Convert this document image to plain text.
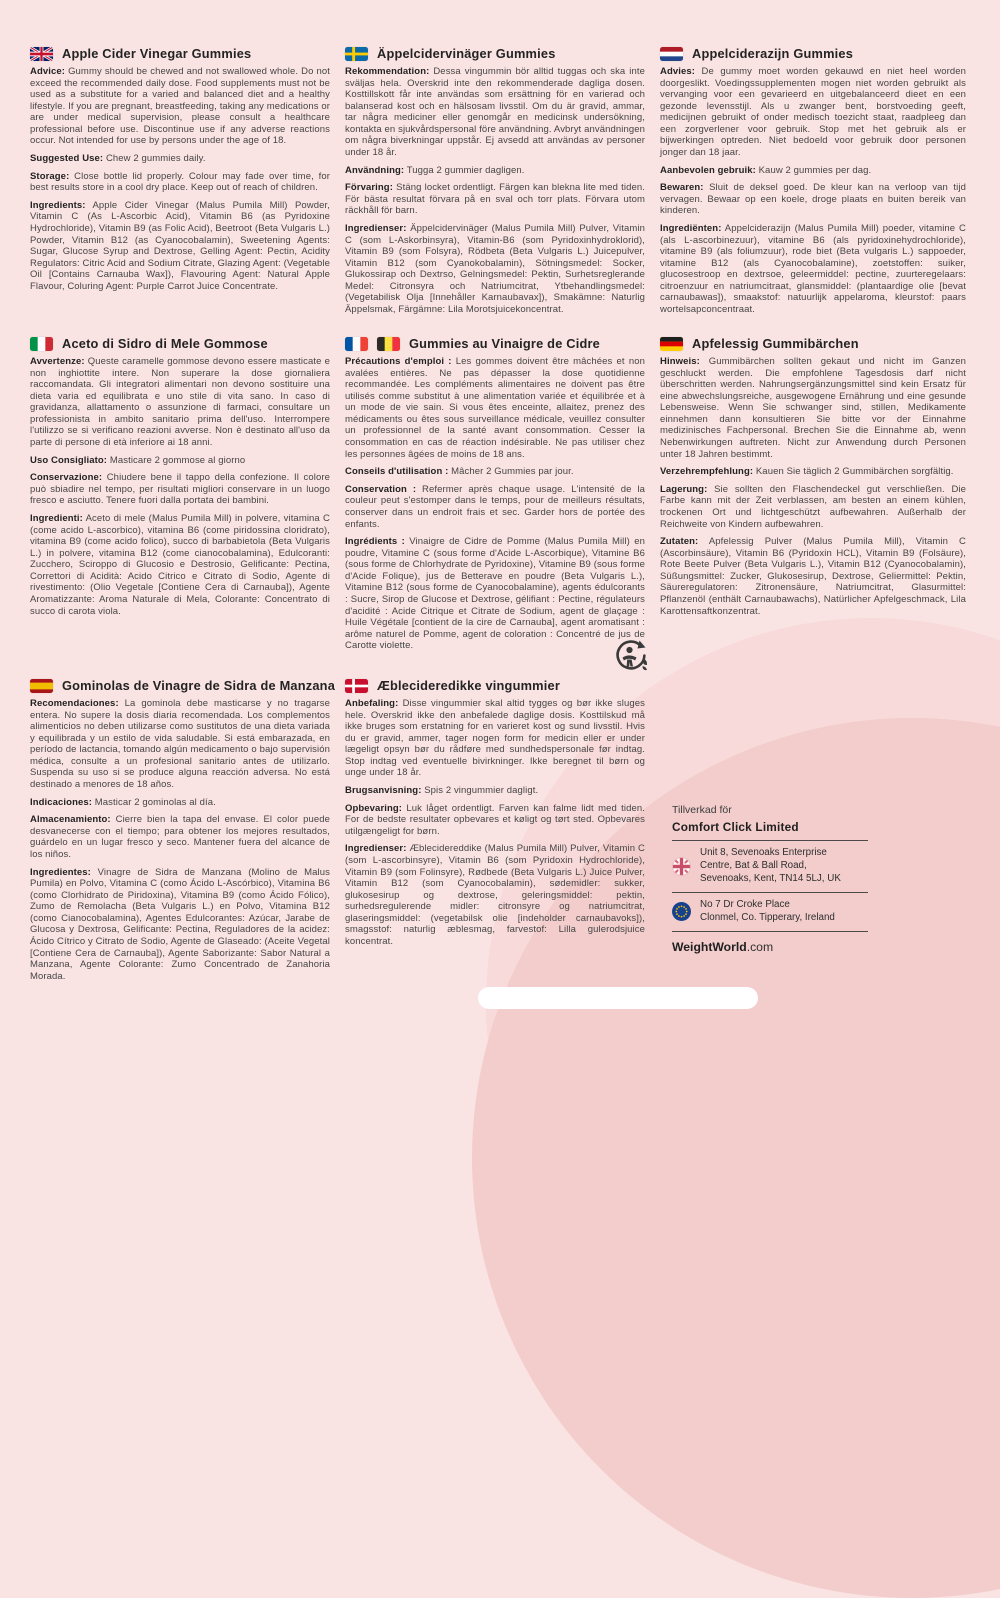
Apple Cider Vinegar Gummies

Advice: Gummy should be chewed and not swallowed whole. Do not exceed the recommended daily dose. Food supplements must not be used as a substitute for a varied and balanced diet and a healthy lifestyle. If you are pregnant, breastfeeding, taking any medications or are under medical supervision, please consult a healthcare professional before use. Discontinue use if any adverse reactions occur. Not intended for use by persons under the age of 18.

Suggested Use: Chew 2 gummies daily.

Storage: Close bottle lid properly. Colour may fade over time, for best results store in a cool dry place. Keep out of reach of children.

Ingredients: Apple Cider Vinegar (Malus Pumila Mill) Powder, Vitamin C (As L-Ascorbic Acid), Vitamin B6 (as Pyridoxine Hydrochloride), Vitamin B9 (as Folic Acid), Beetroot (Beta Vulgaris L.) Powder, Vitamin B12 (as Cyanocobalamin), Sweetening Agents: Sugar, Glucose Syrup and Dextrose, Gelling Agent: Pectin, Acidity Regulators: Citric Acid and Sodium Citrate, Glazing Agent: (Vegetable Oil [Contains Carnauba Wax]), Flavouring Agent: Natural Apple Flavour, Coluring Agent: Purple Carrot Juice Concentrate.

Äppelcidervinäger Gummies

Rekommendation: Dessa vingummin bör alltid tuggas och ska inte sväljas hela. Overskrid inte den rekommenderade dagliga dosen. Kosttillskott får inte användas som ersättning för en varierad och balanserad kost och en hälsosam livsstil. Om du är gravid, ammar, tar några mediciner eller genomgår en medicinsk undersökning, kontakta en sjukvårdspersonal före användning. Avbryt användningen om några biverkningar uppstår. Ej avsedd att användas av personer under 18 år.

Användning: Tugga 2 gummier dagligen.

Förvaring: Stäng locket ordentligt. Färgen kan blekna lite med tiden. För bästa resultat förvara på en sval och torr plats. Förvara utom räckhåll för barn.

Ingredienser: Äppelcidervinäger (Malus Pumila Mill) Pulver, Vitamin C (som L-Askorbinsyra), Vitamin-B6 (som Pyridoxinhydroklorid), Vitamin B9 (som Folsyra), Rödbeta (Beta Vulgaris L.) Juicepulver, Vitamin B12 (som Cyanokobalamin), Sötningsmedel: Socker, Glukossirap och Dextrso, Gelningsmedel: Pektin, Surhetsreglerande Medel: Citronsyra och Natriumcitrat, Ytbehandlingsmedel: (Vegetabilisk Olja [Innehåller Karnaubavax]), Smakämne: Naturlig Äppelsmak, Färgämne: Lila Morotsjuicekoncentrat.

Appelciderazijn Gummies

Advies: De gummy moet worden gekauwd en niet heel worden doorgeslikt. Voedingssupplementen mogen niet worden gebruikt als vervanging voor een gevarieerd en uitgebalanceerd dieet en een gezonde levensstijl. Als u zwanger bent, borstvoeding geeft, medicijnen gebruikt of onder medisch toezicht staat, raadpleeg dan een zorgverlener voor gebruik. Stop met het gebruik als er bijwerkingen optreden. Niet bedoeld voor gebruik door personen jonger dan 18 jaar.

Aanbevolen gebruik: Kauw 2 gummies per dag.

Bewaren: Sluit de deksel goed. De kleur kan na verloop van tijd vervagen. Bewaar op een koele, droge plaats en buiten bereik van kinderen.

Ingrediënten: Appelciderazijn (Malus Pumila Mill) poeder, vitamine C (als L-ascorbinezuur), vitamine B6 (als pyridoxinehydrochloride), vitamine B9 (als foliumzuur), rode biet (Beta vulgaris L.) sappoeder, vitamine B12 (als Cyanocobalamine), zoetstoffen: suiker, glucosestroop en dextrsoe, geleermiddel: pectine, zuurteregelaars: citroenzuur en natriumcitraat, glansmiddel: (plantaardige olie [bevat carnaubawas]), smaakstof: natuurlijk appelaroma, kleurstof: paars wortelsapconcentraat.

Aceto di Sidro di Mele Gommose

Avvertenze: Queste caramelle gommose devono essere masticate e non inghiottite intere. Non superare la dose giornaliera raccomandata. Gli integratori alimentari non devono sostituire una dieta varia ed equilibrata e uno stile di vita sano. In caso di gravidanza, allattamento o assunzione di farmaci, consultare un professionista in ambito sanitario prima dell'uso. Interrompere l'utilizzo se si verificano reazioni avverse. Non è destinato all'uso da parte di persone di età inferiore ai 18 anni.

Uso Consigliato: Masticare 2 gommose al giorno

Conservazione: Chiudere bene il tappo della confezione. Il colore può sbiadire nel tempo, per risultati migliori conservare in un luogo fresco e asciutto. Tenere fuori dalla portata dei bambini.

Ingredienti: Aceto di mele (Malus Pumila Mill) in polvere, vitamina C (come acido L-ascorbico), vitamina B6 (come piridossina cloridrato), vitamina B9 (come acido folico), succo di barbabietola (Beta Vulgaris L.) in polvere, vitamina B12 (come cianocobalamina), Edulcoranti: Zucchero, Sciroppo di Glucosio e Destrosio, Gelificante: Pectina, Correttori di Acidità: Acido Citrico e Citrato di Sodio, Agente di rivestimento: (Olio Vegetale [Contiene Cera di Carnauba]), Agente Aromatizzante: Aroma Naturale di Mela, Colorante: Concentrato di succo di carota viola.

Gummies au Vinaigre de Cidre

Précautions d'emploi : Les gommes doivent être mâchées et non avalées entières. Ne pas dépasser la dose quotidienne recommandée. Les compléments alimentaires ne doivent pas être utilisés comme substitut à une alimentation variée et équilibrée et à un mode de vie sain. Si vous êtes enceinte, allaitez, prenez des médicaments ou êtes sous surveillance médicale, veuillez consulter un professionnel de la santé avant consommation. Cesser la consommation en cas de réaction indésirable. Ne pas utiliser chez les personnes âgées de moins de 18 ans.

Conseils d'utilisation : Mâcher 2 Gummies par jour.

Conservation : Refermer après chaque usage. L'intensité de la couleur peut s'estomper dans le temps, pour de meilleurs résultats, conserver dans un endroit frais et sec. Garder hors de portée des enfants.

Ingrédients : Vinaigre de Cidre de Pomme (Malus Pumila Mill) en poudre, Vitamine C (sous forme d'Acide L-Ascorbique), Vitamine B6 (sous forme de Chlorhydrate de Pyridoxine), Vitamine B9 (sous forme d'Acide Folique), jus de Betterave en poudre (Beta Vulgaris L.), Vitamine B12 (sous forme de Cyanocobalamine), agents édulcorants : Sucre, Sirop de Glucose et Dextrose, gélifiant : Pectine, régulateurs d'acidité : Acide Citrique et Citrate de Sodium, agent de glaçage : Huile Végétale [contient de la cire de Carnauba], agent aromatisant : arôme naturel de Pomme, agent de coloration : Concentré de jus de Carotte violette.

Apfelessig Gummibärchen

Hinweis: Gummibärchen sollten gekaut und nicht im Ganzen geschluckt werden. Die empfohlene Tagesdosis darf nicht überschritten werden. Nahrungsergänzungsmittel sind kein Ersatz für eine abwechslungsreiche, ausgewogene Ernährung und eine gesunde Lebensweise. Wenn Sie schwanger sind, stillen, Medikamente einnehmen dann konsultieren Sie bitte vor der Einnahme medizinisches Fachpersonal. Brechen Sie die Einnahme ab, wenn Nebenwirkungen auftreten. Nicht zur Anwendung durch Personen unter 18 Jahren bestimmt.

Verzehrempfehlung: Kauen Sie täglich 2 Gummibärchen sorgfältig.

Lagerung: Sie sollten den Flaschendeckel gut verschließen. Die Farbe kann mit der Zeit verblassen, am besten an einem kühlen, trockenen Ort und lichtgeschützt aufbewahren. Außerhalb der Reichweite von Kindern aufbewahren.

Zutaten: Apfelessig Pulver (Malus Pumila Mill), Vitamin C (Ascorbinsäure), Vitamin B6 (Pyridoxin HCL), Vitamin B9 (Folsäure), Rote Beete Pulver (Beta Vulgaris L.), Vitamin B12 (Cyanocobalamin), Süßungsmittel: Zucker, Glukosesirup, Dextrose, Geliermittel: Pektin, Säureregulatoren: Zitronensäure, Natriumcitrat, Glasurmittel: Pflanzenöl (enthält Carnaubawachs), Natürlicher Apfelgeschmack, Lila Karottensaftkonzentrat.

Gominolas de Vinagre de Sidra de Manzana

Recomendaciones: La gominola debe masticarse y no tragarse entera. No supere la dosis diaria recomendada. Los complementos alimenticios no deben utilizarse como sustitutos de una dieta variada y equilibrada y un estilo de vida saludable. Si está embarazada, en período de lactancia, tomando algún medicamento o bajo supervisión médica, consulte a un profesional sanitario antes de utilizarlo. Suspenda su uso si se produce alguna reacción adversa. No está destinado a menores de 18 años.

Indicaciones: Masticar 2 gominolas al día.

Almacenamiento: Cierre bien la tapa del envase. El color puede desvanecerse con el tiempo; para obtener los mejores resultados, guárdelo en un lugar fresco y seco. Mantener fuera del alcance de los niños.

Ingredientes: Vinagre de Sidra de Manzana (Molino de Malus Pumila) en Polvo, Vitamina C (como Ácido L-Ascórbico), Vitamina B6 (como Clorhidrato de Piridoxina), Vitamina B9 (como Ácido Fólico), Zumo de Remolacha (Beta Vulgaris L.) en Polvo, Vitamina B12 (como Cianocobalamina), Agentes Edulcorantes: Azúcar, Jarabe de Glucosa y Dextrosa, Gelificante: Pectina, Reguladores de la acidez: Ácido Cítrico y Citrato de Sodio, Agente de Glaseado: (Aceite Vegetal [Contiene Cera de Carnauba]), Agente Saborizante: Sabor Natural a Manzana, Agente Colorante: Zumo Concentrado de Zanahoria Morada.

Æblecideredikke vingummier

Anbefaling: Disse vingummier skal altid tygges og bør ikke sluges hele. Overskrid ikke den anbefalede daglige dosis. Kosttilskud må ikke bruges som erstatning for en varieret kost og sund livsstil. Hvis du er gravid, ammer, tager nogen form for medicin eller er under lægeligt opsyn bør du rådføre med sundhedspersonale før indtag. Stop indtag ved eventuelle bivirkninger. Ikke beregnet til børn og unge under 18 år.

Brugsanvisning: Spis 2 vingummier dagligt.

Opbevaring: Luk låget ordentligt. Farven kan falme lidt med tiden. For de bedste resultater opbevares et køligt og tørt sted. Opbevares utilgængeligt for børn.

Ingredienser: Æblecidereddike (Malus Pumila Mill) Pulver, Vitamin C (som L-ascorbinsyre), Vitamin B6 (som Pyridoxin Hydrochloride), Vitamin B9 (som Folinsyre), Rødbede (Beta Vulgaris L.) Juice Pulver, Vitamin B12 (som Cyanocobalamin), sødemidler: sukker, glukosesirup og dextrose, geleringsmiddel: pektin, surhedsregulerende midler: citronsyre og natriumcitrat, glaseringsmiddel: (vegetabilsk olie [indeholder carnaubavoks]), smagsstof: naturlig æblesmag, farvestof: Lilla gulerodsjuice koncentrat.

Tillverkad för

Comfort Click Limited

Unit 8, Sevenoaks Enterprise
Centre, Bat & Ball Road,
Sevenoaks, Kent, TN14 5LJ, UK
No 7 Dr Croke Place
Clonmel, Co. Tipperary, Ireland
WeightWorld.com
